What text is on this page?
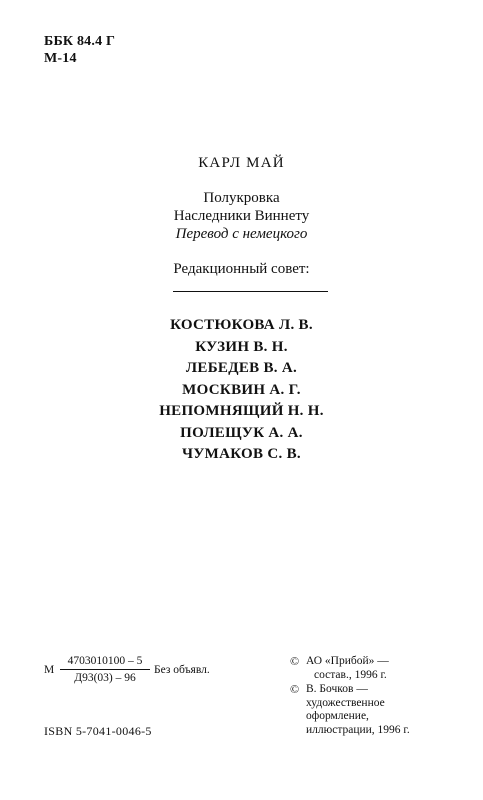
ББК 84.4 Г
М-14
КАРЛ МАЙ
Полукровка
Наследники Виннету
Перевод с немецкого
Редакционный совет:
КОСТЮКОВА Л. В.
КУЗИН В. Н.
ЛЕБЕДЕВ В. А.
МОСКВИН А. Г.
НЕПОМНЯЩИЙ Н. Н.
ПОЛЕЩУК А. А.
ЧУМАКОВ С. В.
М
4703010100 – 5
Д93(03) – 96
Без объявл.
ISBN 5-7041-0046-5
© АО «Прибой» —
состав., 1996 г.
© В. Бочков —
художественное
оформление,
иллюстрации, 1996 г.
